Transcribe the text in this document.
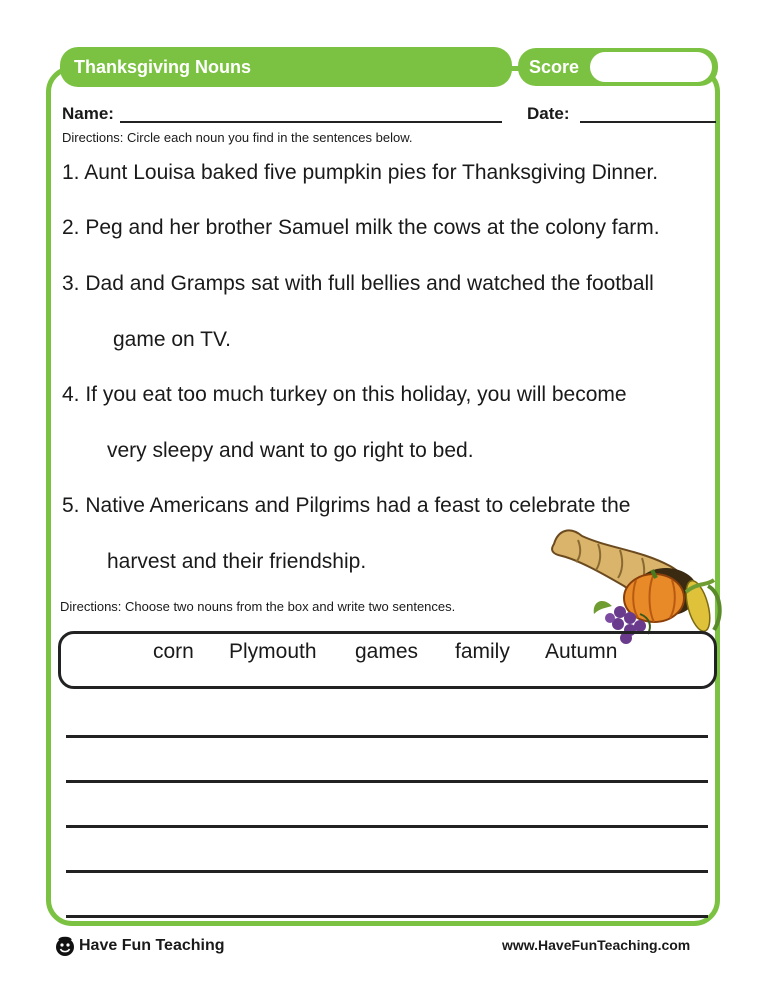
Thanksgiving Nouns	Score
Name:	Date:
Directions: Circle each noun you find in the sentences below.
1. Aunt Louisa baked five pumpkin pies for Thanksgiving Dinner.
2. Peg and her brother Samuel milk the cows at the colony farm.
3. Dad and Gramps sat with full bellies and watched the football
game on TV.
4. If you eat too much turkey on this holiday, you will become
very sleepy and want to go right to bed.
5. Native Americans and Pilgrims had a feast to celebrate the
harvest and their friendship.
Directions: Choose two nouns from the box and write two sentences.
corn Plymouth games family Autumn
Have Fun Teaching	www.HaveFunTeaching.com
